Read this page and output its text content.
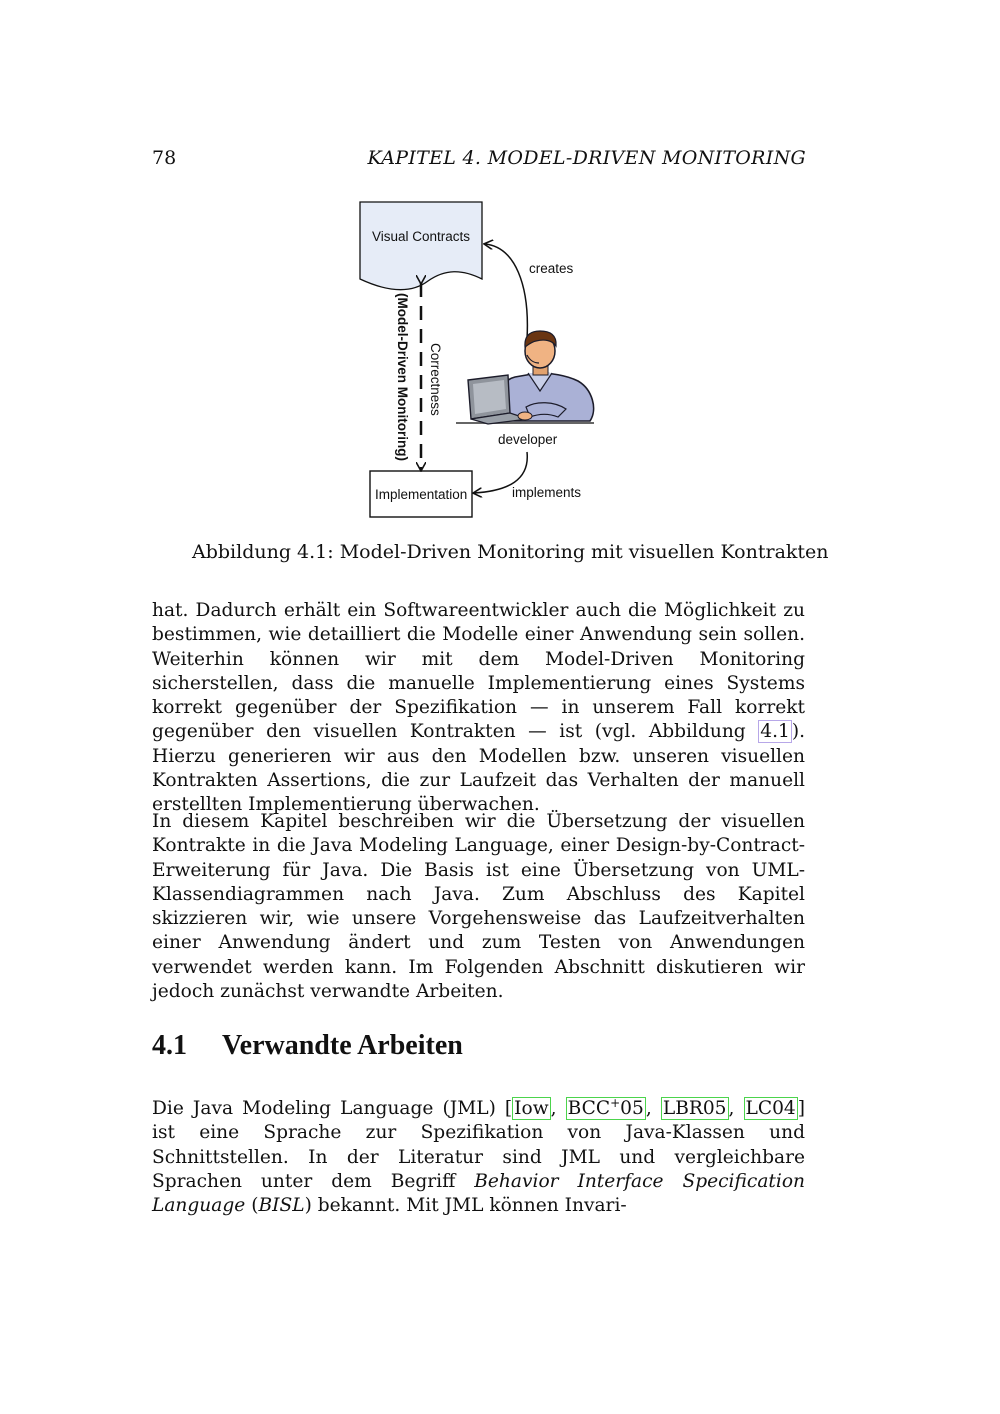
78	KAPITEL 4. MODEL-DRIVEN MONITORING
Visual Contracts
Implementation
(Model-Driven Monitoring) Correctness
creates
implements
developer
Abbildung 4.1: Model-Driven Monitoring mit visuellen Kontrakten
hat. Dadurch erhält ein Softwareentwickler auch die Möglichkeit zu bestimmen, wie detailliert die Modelle einer Anwendung sein sollen. Weiterhin können wir mit dem Model-Driven Monitoring sicherstellen, dass die manuelle Implementierung eines Systems korrekt gegenüber der Spezifikation — in unserem Fall korrekt gegenüber den visuellen Kontrakten — ist (vgl. Abbildung 4.1 ). Hierzu generieren wir aus den Modellen bzw. unseren visuellen Kontrakten Assertions, die zur Laufzeit das Verhalten der manuell erstellten Implementierung überwachen.
In diesem Kapitel beschreiben wir die Übersetzung der visuellen Kontrakte in die Java Modeling Language, einer Design-by-Contract-Erweiterung für Java. Die Basis ist eine Übersetzung von UML-Klassendiagrammen nach Java. Zum Abschluss des Kapitel skizzieren wir, wie unsere Vorgehensweise das Laufzeitverhalten einer Anwendung ändert und zum Testen von Anwendungen verwendet werden kann. Im Folgenden Abschnitt diskutieren wir jedoch zunächst verwandte Arbeiten.
4.1 Verwandte Arbeiten
Die Java Modeling Language (JML) [ Iow , BCC+05 , LBR05 , LC04 ] ist eine Sprache zur Spezifikation von Java-Klassen und Schnittstellen. In der Literatur sind JML und vergleichbare Sprachen unter dem Begriff Behavior Interface Specification Language (BISL) bekannt. Mit JML können Invari-
